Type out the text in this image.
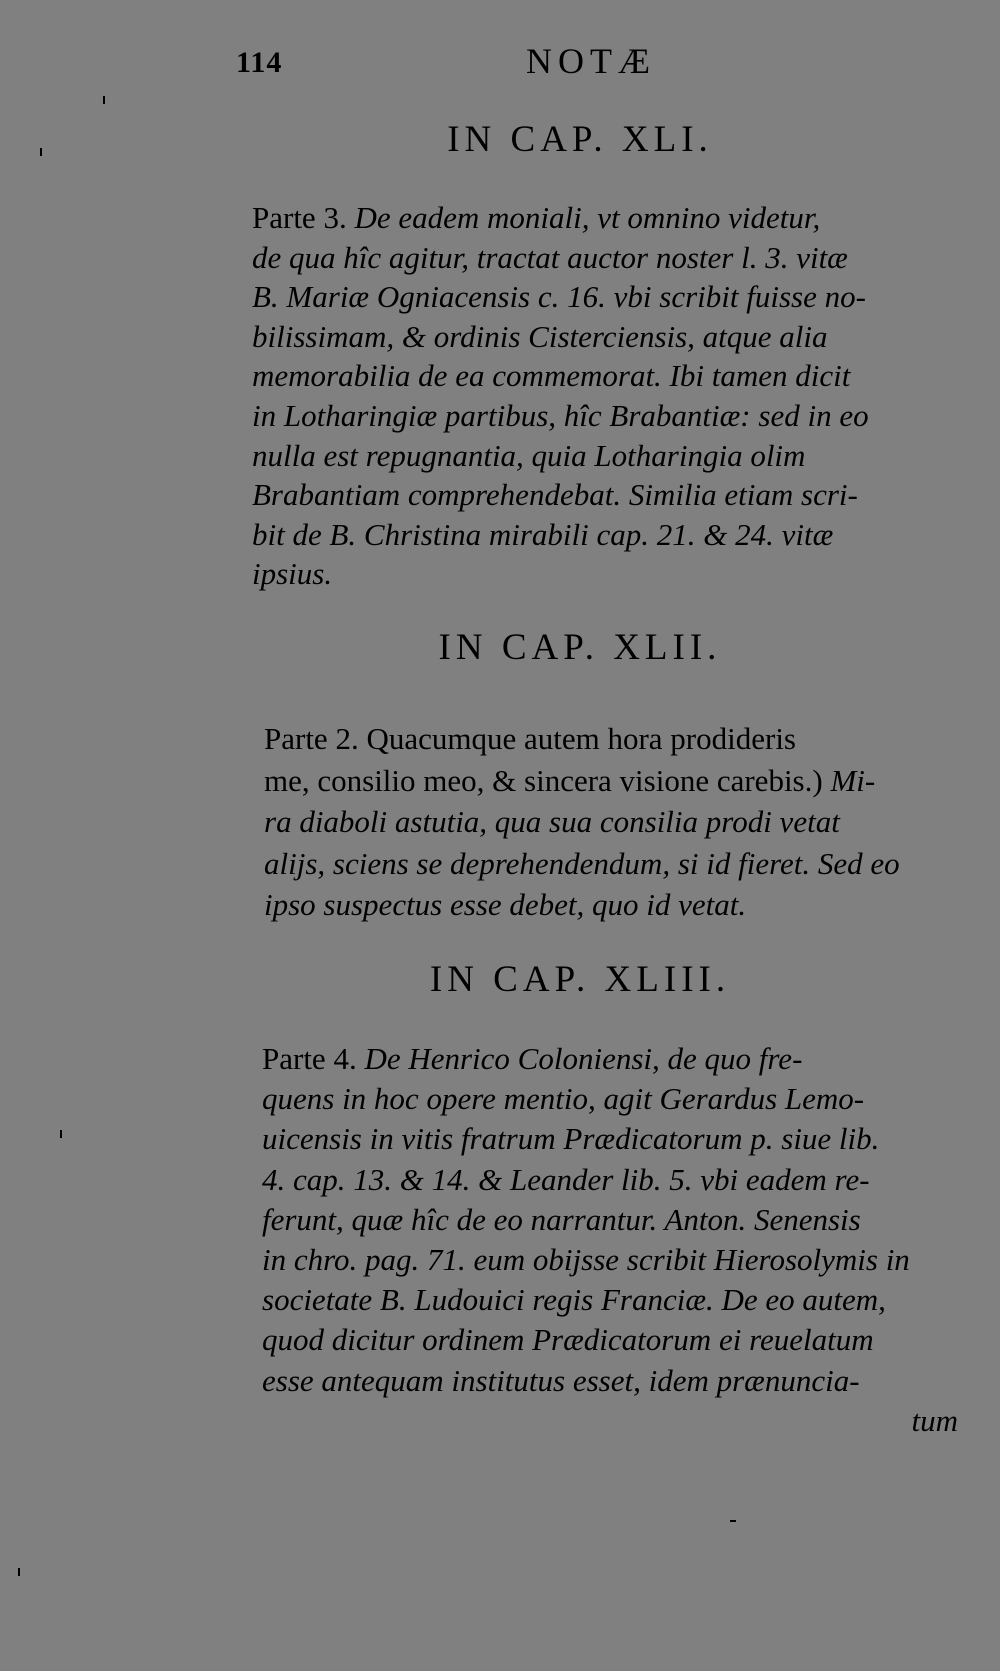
114	NOTÆ
IN CAP. XLI.
Parte 3. De eadem moniali, vt omnino videtur,
de qua hîc agitur, tractat auctor noster l. 3. vitæ
B. Mariæ Ogniacensis c. 16. vbi scribit fuisse no-
bilissimam, & ordinis Cisterciensis, atque alia
memorabilia de ea commemorat. Ibi tamen dicit
in Lotharingiæ partibus, hîc Brabantiæ: sed in eo
nulla est repugnantia, quia Lotharingia olim
Brabantiam comprehendebat. Similia etiam scri-
bit de B. Christina mirabili cap. 21. & 24. vitæ
ipsius.
IN CAP. XLII.
Parte 2. Quacumque autem hora prodideris
me, consilio meo, & sincera visione carebis.) Mi-
ra diaboli astutia, qua sua consilia prodi vetat
alijs, sciens se deprehendendum, si id fieret. Sed eo
ipso suspectus esse debet, quo id vetat.
IN CAP. XLIII.
Parte 4. De Henrico Coloniensi, de quo fre-
quens in hoc opere mentio, agit Gerardus Lemo-
uicensis in vitis fratrum Prædicatorum p. siue lib.
4. cap. 13. & 14. & Leander lib. 5. vbi eadem re-
ferunt, quæ hîc de eo narrantur. Anton. Senensis
in chro. pag. 71. eum obijsse scribit Hierosolymis in
societate B. Ludouici regis Franciæ. De eo autem,
quod dicitur ordinem Prædicatorum ei reuelatum
esse antequam institutus esset, idem prænuncia-
tum
